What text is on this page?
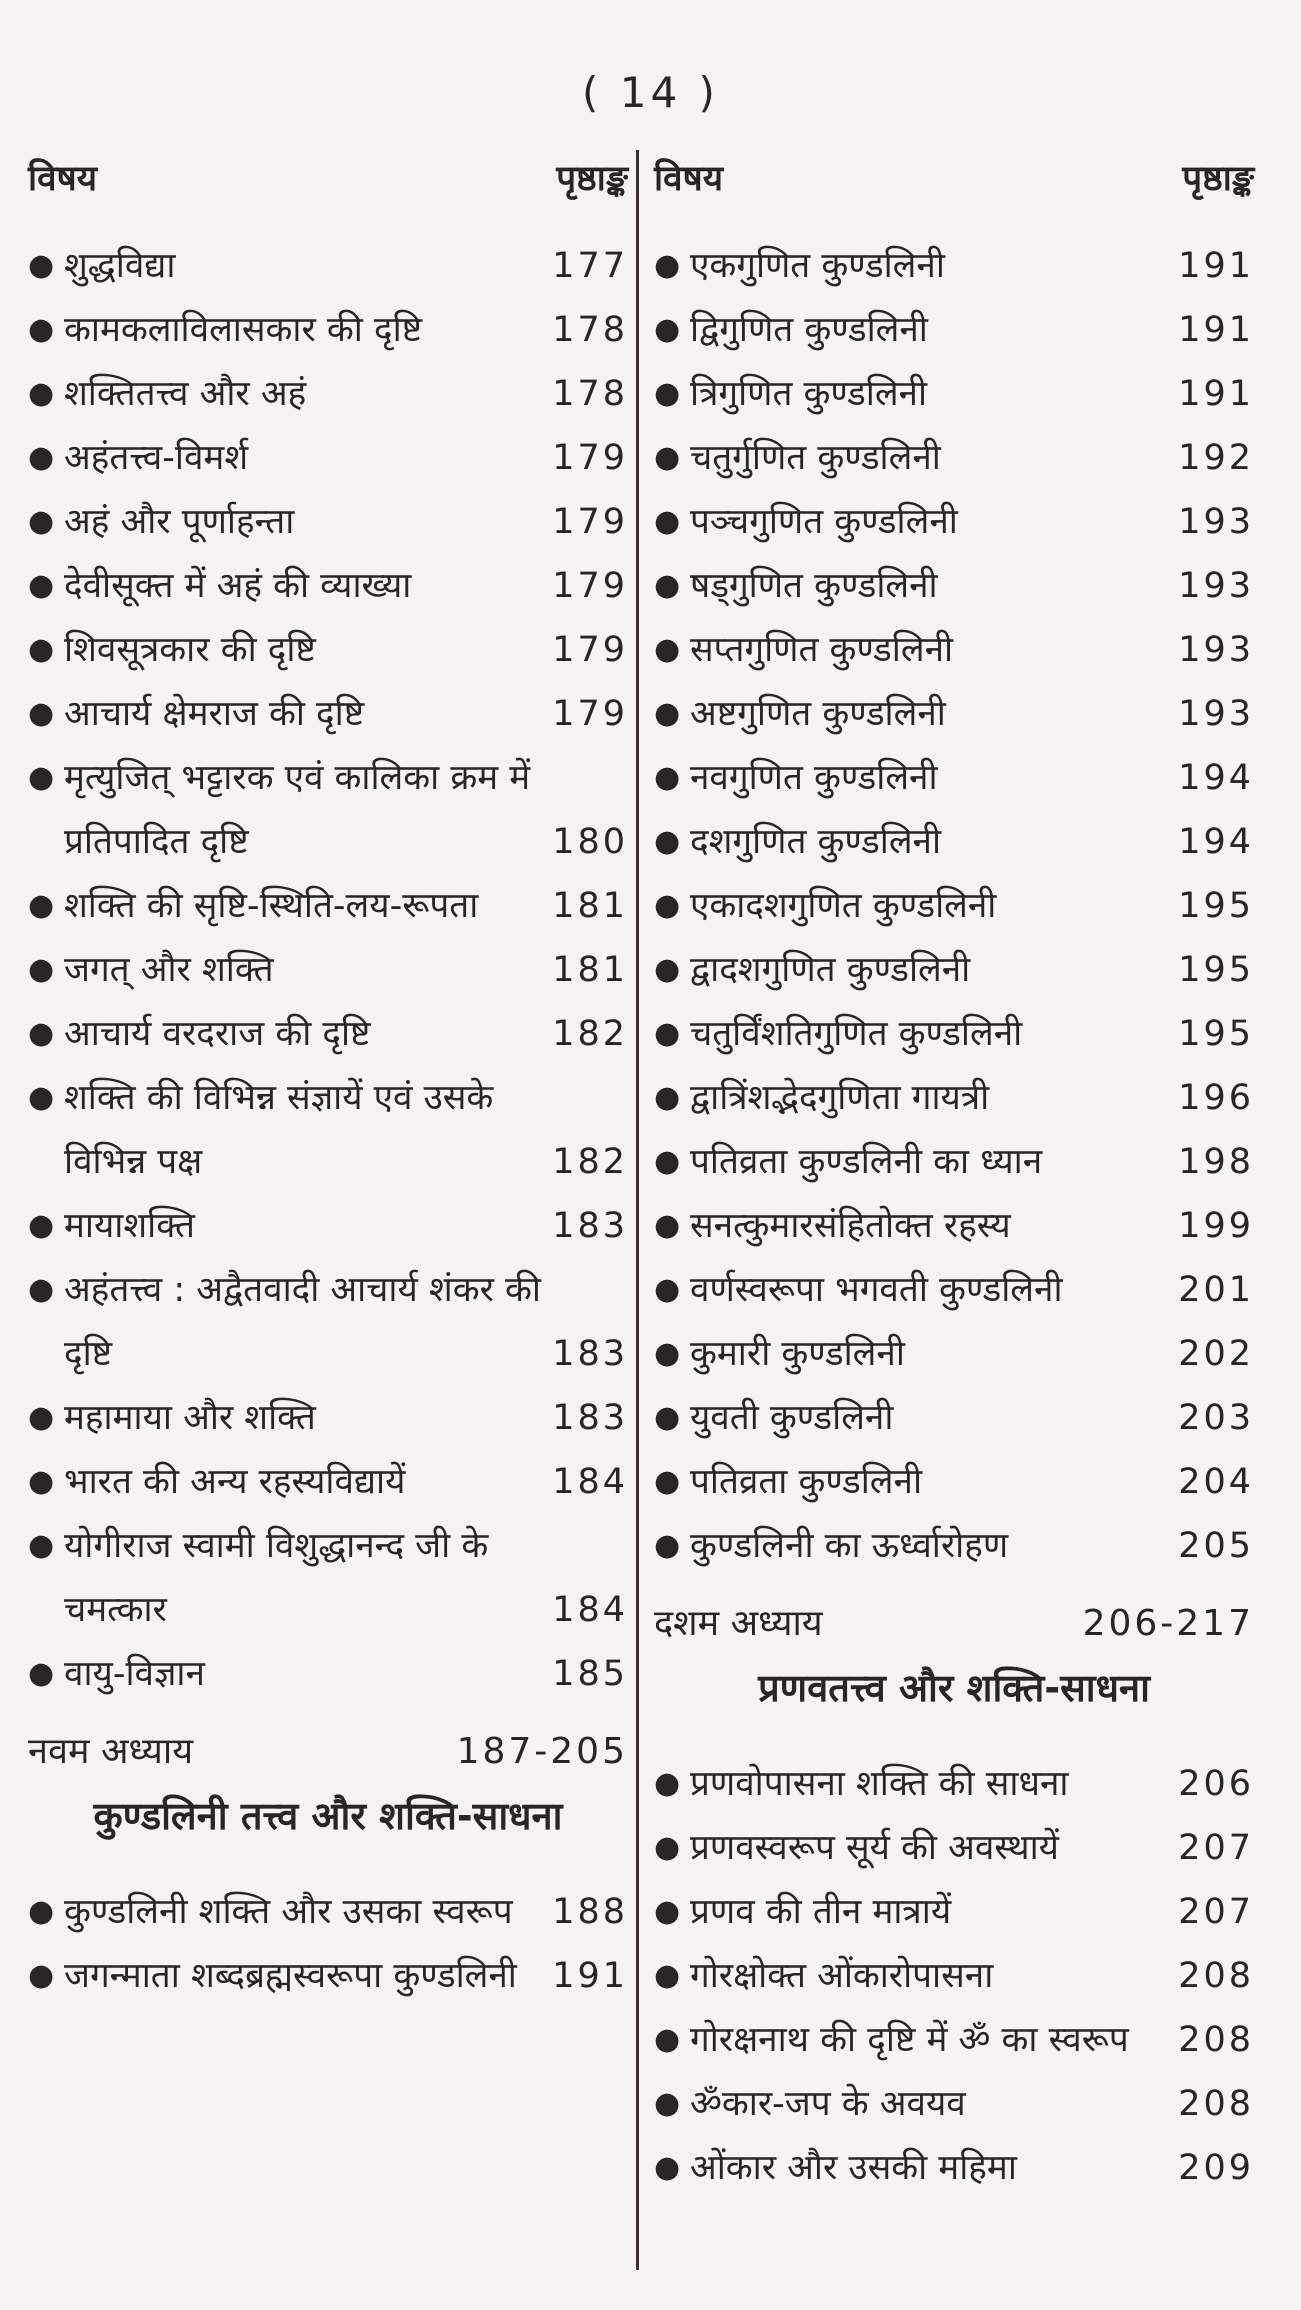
( 14 )
विषय	पृष्ठाङ्क
● शुद्धविद्या	177
● कामकलाविलासकार की दृष्टि	178
● शक्तितत्त्व और अहं	178
● अहंतत्त्व-विमर्श	179
● अहं और पूर्णाहन्ता	179
● देवीसूक्त में अहं की व्याख्या	179
● शिवसूत्रकार की दृष्टि	179
● आचार्य क्षेमराज की दृष्टि	179
● मृत्युजित् भट्टारक एवं कालिका क्रम में प्रतिपादित दृष्टि	180
● शक्ति की सृष्टि-स्थिति-लय-रूपता	181
● जगत् और शक्ति	181
● आचार्य वरदराज की दृष्टि	182
● शक्ति की विभिन्न संज्ञायें एवं उसके विभिन्न पक्ष	182
● मायाशक्ति	183
● अहंतत्त्व : अद्वैतवादी आचार्य शंकर की दृष्टि	183
● महामाया और शक्ति	183
● भारत की अन्य रहस्यविद्यायें	184
● योगीराज स्वामी विशुद्धानन्द जी के चमत्कार	184
● वायु-विज्ञान	185
नवम अध्याय	187-205
कुण्डलिनी तत्त्व और शक्ति-साधना
● कुण्डलिनी शक्ति और उसका स्वरूप	188
● जगन्माता शब्दब्रह्मस्वरूपा कुण्डलिनी	191
विषय	पृष्ठाङ्क
● एकगुणित कुण्डलिनी	191
● द्विगुणित कुण्डलिनी	191
● त्रिगुणित कुण्डलिनी	191
● चतुर्गुणित कुण्डलिनी	192
● पञ्चगुणित कुण्डलिनी	193
● षड्गुणित कुण्डलिनी	193
● सप्तगुणित कुण्डलिनी	193
● अष्टगुणित कुण्डलिनी	193
● नवगुणित कुण्डलिनी	194
● दशगुणित कुण्डलिनी	194
● एकादशगुणित कुण्डलिनी	195
● द्वादशगुणित कुण्डलिनी	195
● चतुर्विंशतिगुणित कुण्डलिनी	195
● द्वात्रिंशद्भेदगुणिता गायत्री	196
● पतिव्रता कुण्डलिनी का ध्यान	198
● सनत्कुमारसंहितोक्त रहस्य	199
● वर्णस्वरूपा भगवती कुण्डलिनी	201
● कुमारी कुण्डलिनी	202
● युवती कुण्डलिनी	203
● पतिव्रता कुण्डलिनी	204
● कुण्डलिनी का ऊर्ध्वारोहण	205
दशम अध्याय	206-217
प्रणवतत्त्व और शक्ति-साधना
● प्रणवोपासना शक्ति की साधना	206
● प्रणवस्वरूप सूर्य की अवस्थायें	207
● प्रणव की तीन मात्रायें	207
● गोरक्षोक्त ओंकारोपासना	208
● गोरक्षनाथ की दृष्टि में ॐ का स्वरूप	208
● ॐकार-जप के अवयव	208
● ओंकार और उसकी महिमा	209
